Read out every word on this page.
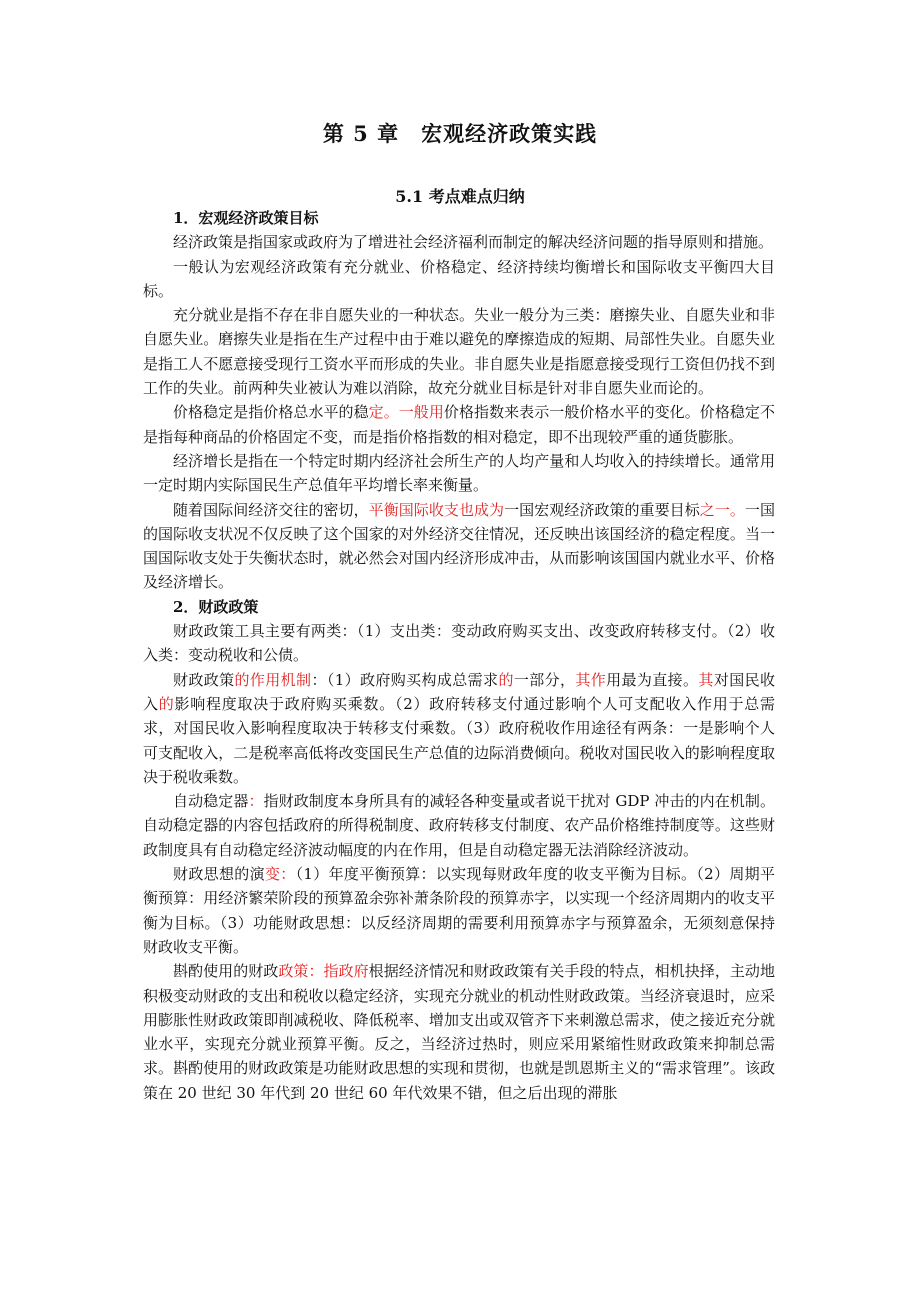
第 5 章　宏观经济政策实践
5.1 考点难点归纳
1．宏观经济政策目标

经济政策是指国家或政府为了增进社会经济福利而制定的解决经济问题的指导原则和措施。

一般认为宏观经济政策有充分就业、价格稳定、经济持续均衡增长和国际收支平衡四大目标。

充分就业是指不存在非自愿失业的一种状态。失业一般分为三类：磨擦失业、自愿失业和非自愿失业。磨擦失业是指在生产过程中由于难以避免的摩擦造成的短期、局部性失业。自愿失业是指工人不愿意接受现行工资水平而形成的失业。非自愿失业是指愿意接受现行工资但仍找不到工作的失业。前两种失业被认为难以消除，故充分就业目标是针对非自愿失业而论的。

价格稳定是指价格总水平的稳定。一般用价格指数来表示一般价格水平的变化。价格稳定不是指每种商品的价格固定不变，而是指价格指数的相对稳定，即不出现较严重的通货膨胀。

经济增长是指在一个特定时期内经济社会所生产的人均产量和人均收入的持续增长。通常用一定时期内实际国民生产总值年平均增长率来衡量。

随着国际间经济交往的密切，平衡国际收支也成为一国宏观经济政策的重要目标之一。一国的国际收支状况不仅反映了这个国家的对外经济交往情况，还反映出该国经济的稳定程度。当一国国际收支处于失衡状态时，就必然会对国内经济形成冲击，从而影响该国国内就业水平、价格及经济增长。

2．财政政策

财政政策工具主要有两类：（1）支出类：变动政府购买支出、改变政府转移支付。（2）收入类：变动税收和公债。

财政政策的作用机制：（1）政府购买构成总需求的一部分，其作用最为直接。其对国民收入的影响程度取决于政府购买乘数。（2）政府转移支付通过影响个人可支配收入作用于总需求，对国民收入影响程度取决于转移支付乘数。（3）政府税收作用途径有两条：一是影响个人可支配收入，二是税率高低将改变国民生产总值的边际消费倾向。税收对国民收入的影响程度取决于税收乘数。

自动稳定器：指财政制度本身所具有的减轻各种变量或者说干扰对 GDP 冲击的内在机制。自动稳定器的内容包括政府的所得税制度、政府转移支付制度、农产品价格维持制度等。这些财政制度具有自动稳定经济波动幅度的内在作用，但是自动稳定器无法消除经济波动。

财政思想的演变：（1）年度平衡预算：以实现每财政年度的收支平衡为目标。（2）周期平衡预算：用经济繁荣阶段的预算盈余弥补萧条阶段的预算赤字，以实现一个经济周期内的收支平衡为目标。（3）功能财政思想：以反经济周期的需要利用预算赤字与预算盈余，无须刻意保持财政收支平衡。

斟酌使用的财政政策：指政府根据经济情况和财政政策有关手段的特点，相机抉择，主动地积极变动财政的支出和税收以稳定经济，实现充分就业的机动性财政政策。当经济衰退时，应采用膨胀性财政政策即削减税收、降低税率、增加支出或双管齐下来刺激总需求，使之接近充分就业水平，实现充分就业预算平衡。反之，当经济过热时，则应采用紧缩性财政政策来抑制总需求。斟酌使用的财政政策是功能财政思想的实现和贯彻，也就是凯恩斯主义的“需求管理”。该政策在 20 世纪 30 年代到 20 世纪 60 年代效果不错，但之后出现的滞胀
